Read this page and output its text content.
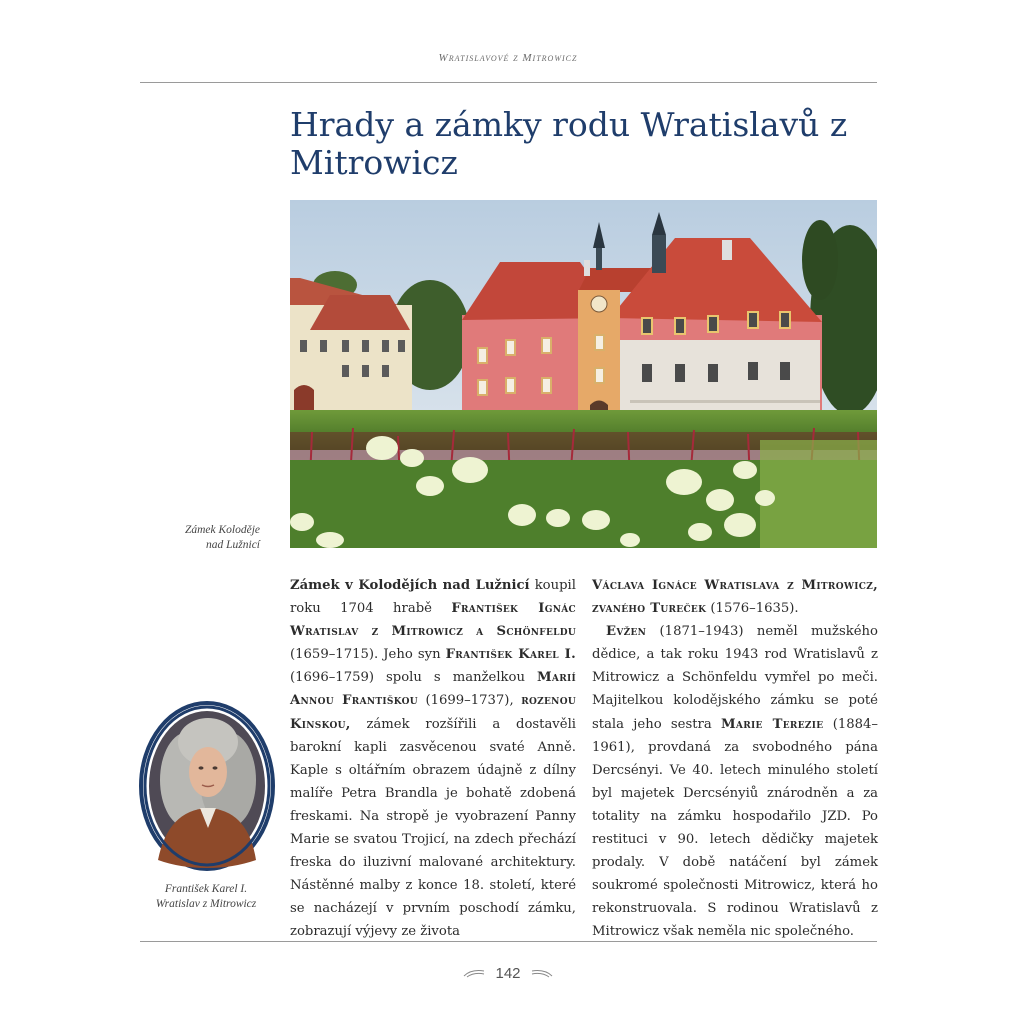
Wratislavové z Mitrowicz
Hrady a zámky rodu Wratislavů z Mitrowicz
Zámek Koloděje
nad Lužnicí
František Karel I.
Wratislav z Mitrowicz

Zámek v Kolodějích nad Lužnicí koupil roku 1704 hrabě František Ignác Wratislav z Mitrowicz a Schönfeldu (1659–1715). Jeho syn František Karel I. (1696–1759) spolu s manželkou Marií Annou Františkou (1699–1737), rozenou Kinskou, zámek rozšířili a dostavěli barokní kapli zasvěcenou svaté Anně. Kaple s oltářním obrazem údajně z dílny malíře Petra Brandla je bohatě zdobená freskami. Na stropě je vyobrazení Panny Marie se svatou Trojicí, na zdech přechází freska do iluzivní malované architektury. Nástěnné malby z konce 18. století, které se nacházejí v prvním poschodí zámku, zobrazují výjevy ze života

Václava Ignáce Wratislava z Mitrowicz, zvaného Tureček (1576–1635).

Evžen (1871–1943) neměl mužského dědice, a tak roku 1943 rod Wratislavů z Mitrowicz a Schönfeldu vymřel po meči. Majitelkou kolodějského zámku se poté stala jeho sestra Marie Terezie (1884–1961), provdaná za svobodného pána Dercsényi. Ve 40. letech minulého století byl majetek Dercsényiů znárodněn a za totality na zámku hospodařilo JZD. Po restituci v 90. letech dědičky majetek prodaly. V době natáčení byl zámek soukromé společnosti Mitrowicz, která ho rekonstruovala. S rodinou Wratislavů z Mitrowicz však neměla nic společného.

142
